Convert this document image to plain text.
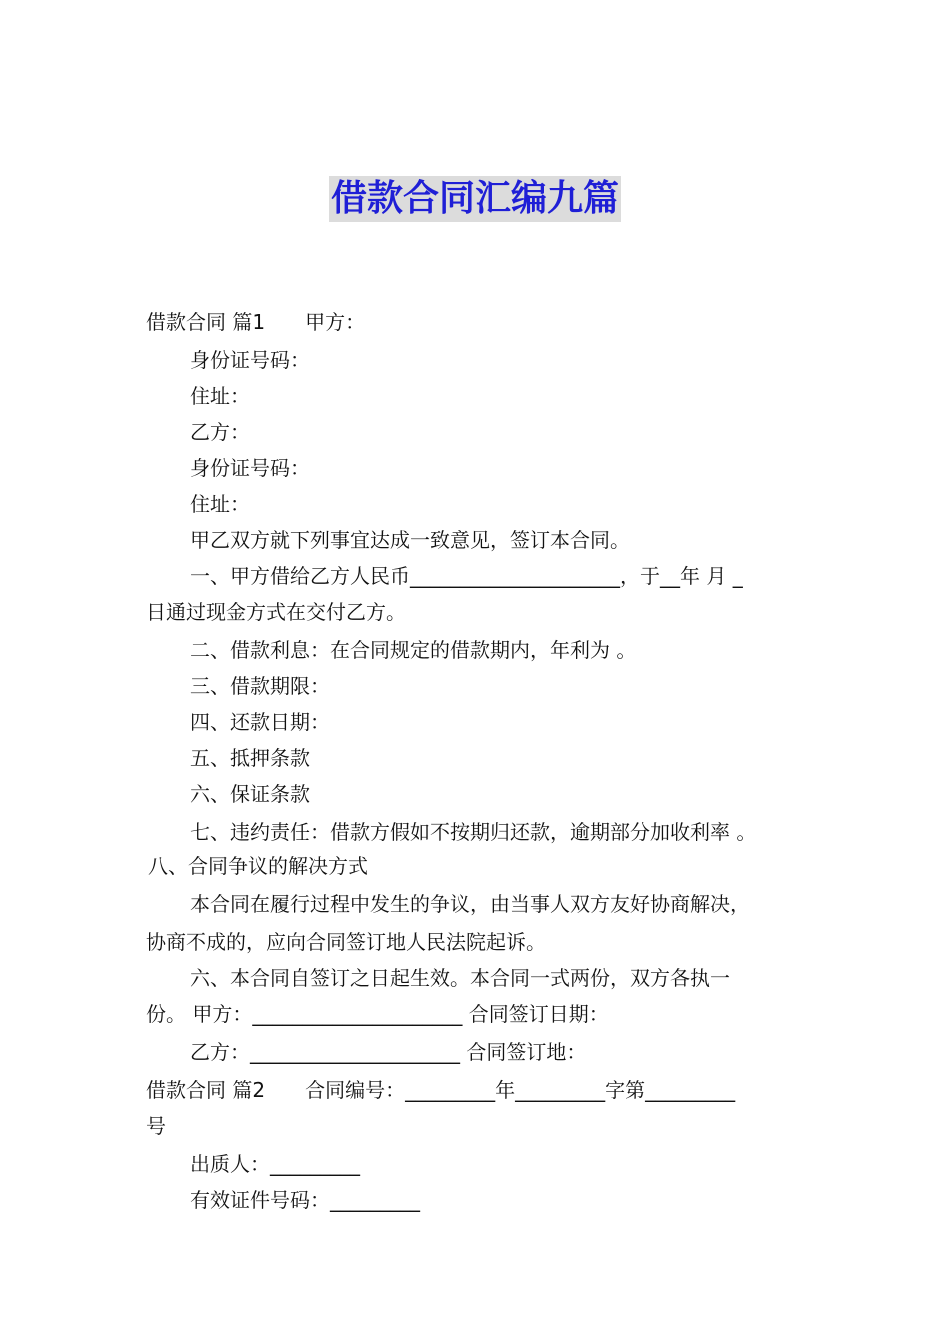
借款合同汇编九篇
借款合同 篇1　　甲方：
身份证号码：
住址：
乙方：
身份证号码：
住址：
甲乙双方就下列事宜达成一致意见，签订本合同。
一、甲方借给乙方人民币_____________________，于__年 月 _
日通过现金方式在交付乙方。
二、借款利息：在合同规定的借款期内，年利为 。
三、借款期限：
四、还款日期：
五、抵押条款
六、保证条款
七、违约责任：借款方假如不按期归还款，逾期部分加收利率 。
八、合同争议的解决方式
本合同在履行过程中发生的争议，由当事人双方友好协商解决，
协商不成的，应向合同签订地人民法院起诉。
六、本合同自签订之日起生效。本合同一式两份，双方各执一
份。 甲方：_____________________ 合同签订日期：
乙方：_____________________ 合同签订地：
借款合同 篇2　　合同编号：_________年_________字第_________
号
出质人：_________
有效证件号码：_________
